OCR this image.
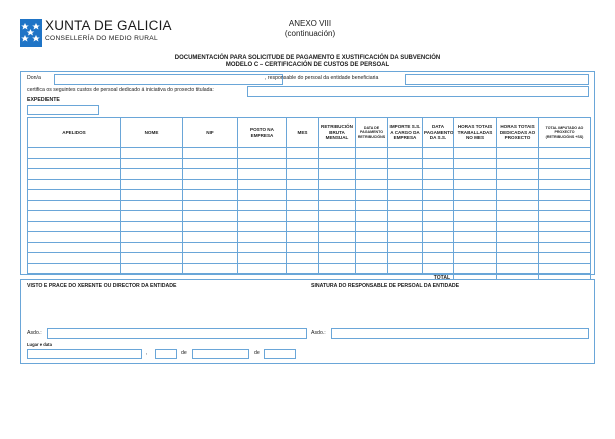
XUNTA DE GALICIA
CONSELLERÍA DO MEDIO RURAL
ANEXO VIII
(continuación)
DOCUMENTACIÓN PARA SOLICITUDE DE PAGAMENTO E XUSTIFICACIÓN DA SUBVENCIÓN
MODELO C – CERTIFICACIÓN DE CUSTOS DE PERSOAL
Don/a	, responsable do persoal da entidade beneficiaria
certifica os seguintes custos de persoal dedicado á iniciativa do proxecto titulada:
EXPEDIENTE
APELIDOS	NOME	NIF	POSTO NA EMPRESA	MES	RETRIBUCIÓN BRUTA MENSUAL	DATA DE PAGAMENTO RETRIBUCIÓNS	IMPORTE S.S. A CARGO DA EMPRESA	DATA PAGAMENTO DA S.S.	HORAS TOTAIS TRABALLADAS NO MES	HORAS TOTAIS DEDICADAS AO PROXECTO	TOTAL IMPUTADO AO PROXECTO (RETRIBUCIÓNS +SS)

VISTO E PRACE DO XERENTE OU DIRECTOR DA ENTIDADE	SINATURA DO RESPONSABLE DE PERSOAL DA ENTIDADE
Asdo.:	Asdo.:
Lugar e data
,	de	de
